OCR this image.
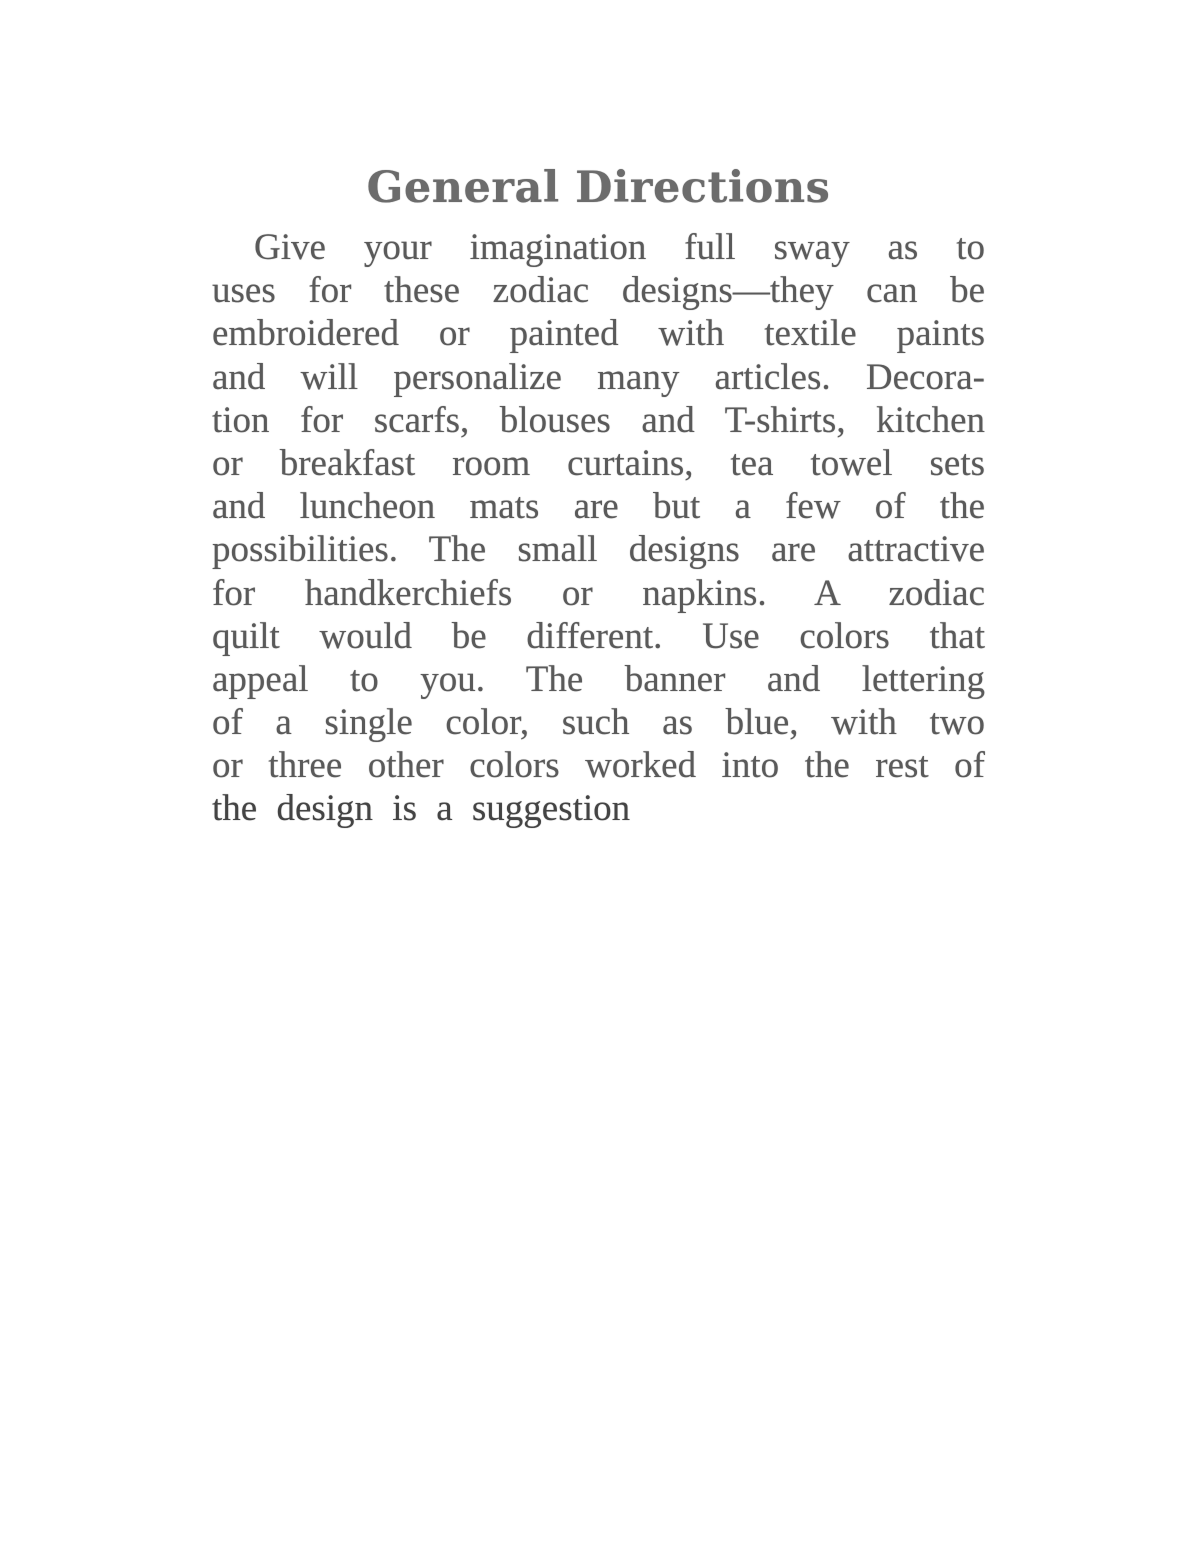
General Directions
Give your imagination full sway as to
uses for these zodiac designs—they can be
embroidered or painted with textile paints
and will personalize many articles. Decora-
tion for scarfs, blouses and T-shirts, kitchen
or breakfast room curtains, tea towel sets
and luncheon mats are but a few of the
possibilities. The small designs are attractive
for handkerchiefs or napkins. A zodiac
quilt would be different. Use colors that
appeal to you. The banner and lettering
of a single color, such as blue, with two
or three other colors worked into the rest of
the design is a suggestion
